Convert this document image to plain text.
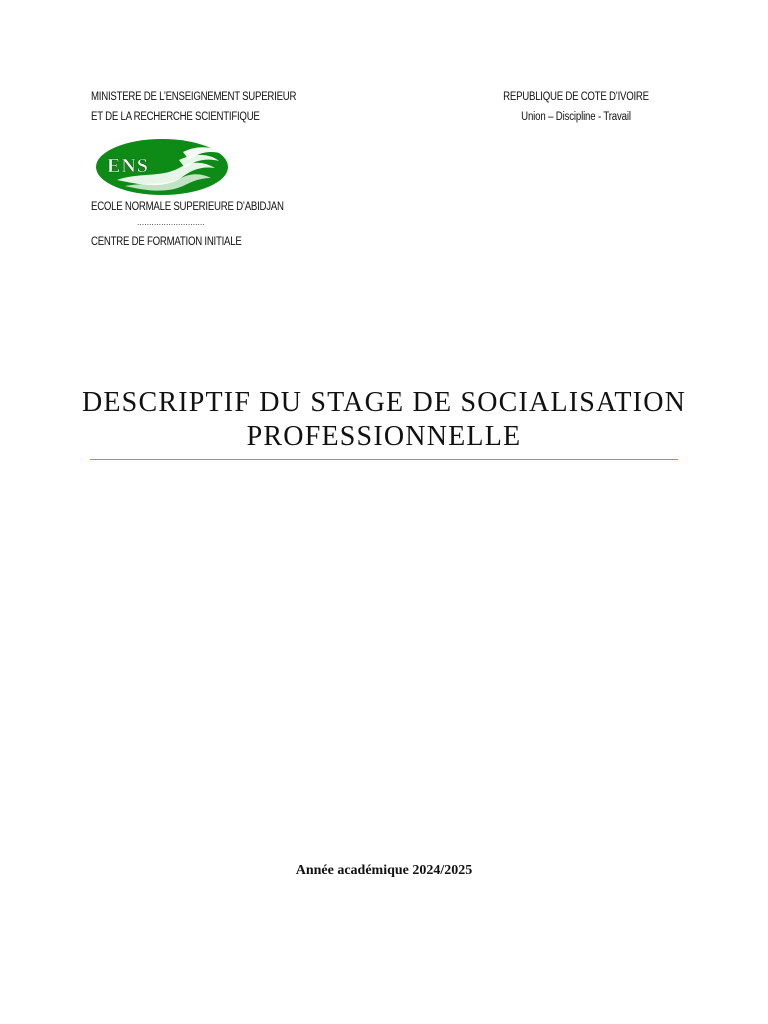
MINISTERE DE L’ENSEIGNEMENT SUPERIEUR
ET DE LA RECHERCHE SCIENTIFIQUE
REPUBLIQUE DE COTE D’IVOIRE
Union – Discipline - Travail
ENS
ECOLE NORMALE SUPERIEURE D’ABIDJAN
............................
CENTRE DE FORMATION INITIALE
DESCRIPTIF DU STAGE DE SOCIALISATION
PROFESSIONNELLE
Année académique 2024/2025
